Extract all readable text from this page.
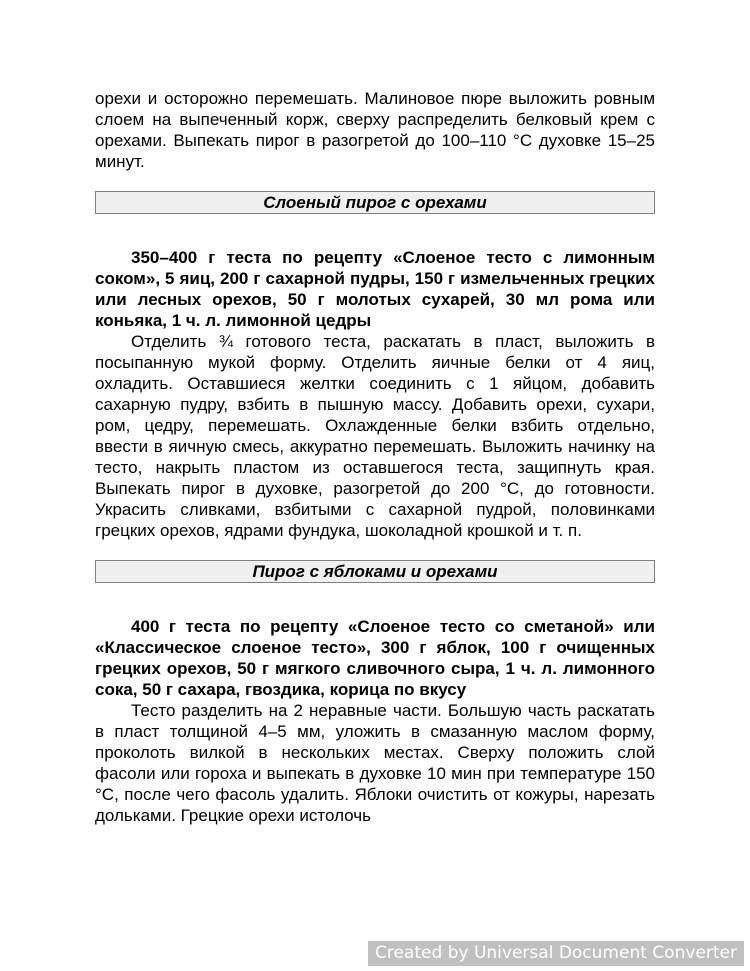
орехи и осторожно перемешать. Малиновое пюре выложить ровным слоем на выпеченный корж, сверху распределить белковый крем с орехами. Выпекать пирог в разогретой до 100–110 °С духовке 15–25 минут.

Слоеный пирог с орехами

350–400 г теста по рецепту «Слоеное тесто с лимонным соком», 5 яиц, 200 г сахарной пудры, 150 г измельченных грецких или лесных орехов, 50 г молотых сухарей, 30 мл рома или коньяка, 1 ч. л. лимонной цедры

Отделить ¾ готового теста, раскатать в пласт, выложить в посыпанную мукой форму. Отделить яичные белки от 4 яиц, охладить. Оставшиеся желтки соединить с 1 яйцом, добавить сахарную пудру, взбить в пышную массу. Добавить орехи, сухари, ром, цедру, перемешать. Охлажденные белки взбить отдельно, ввести в яичную смесь, аккуратно перемешать. Выложить начинку на тесто, накрыть пластом из оставшегося теста, защипнуть края. Выпекать пирог в духовке, разогретой до 200 °С, до готовности. Украсить сливками, взбитыми с сахарной пудрой, половинками грецких орехов, ядрами фундука, шоколадной крошкой и т. п.

Пирог с яблоками и орехами

400 г теста по рецепту «Слоеное тесто со сметаной» или «Классическое слоеное тесто», 300 г яблок, 100 г очищенных грецких орехов, 50 г мягкого сливочного сыра, 1 ч. л. лимонного сока, 50 г сахара, гвоздика, корица по вкусу

Тесто разделить на 2 неравные части. Большую часть раскатать в пласт толщиной 4–5 мм, уложить в смазанную маслом форму, проколоть вилкой в нескольких местах. Сверху положить слой фасоли или гороха и выпекать в духовке 10 мин при температуре 150 °С, после чего фасоль удалить. Яблоки очистить от кожуры, нарезать дольками. Грецкие орехи истолочь

Created by Universal Document Converter
